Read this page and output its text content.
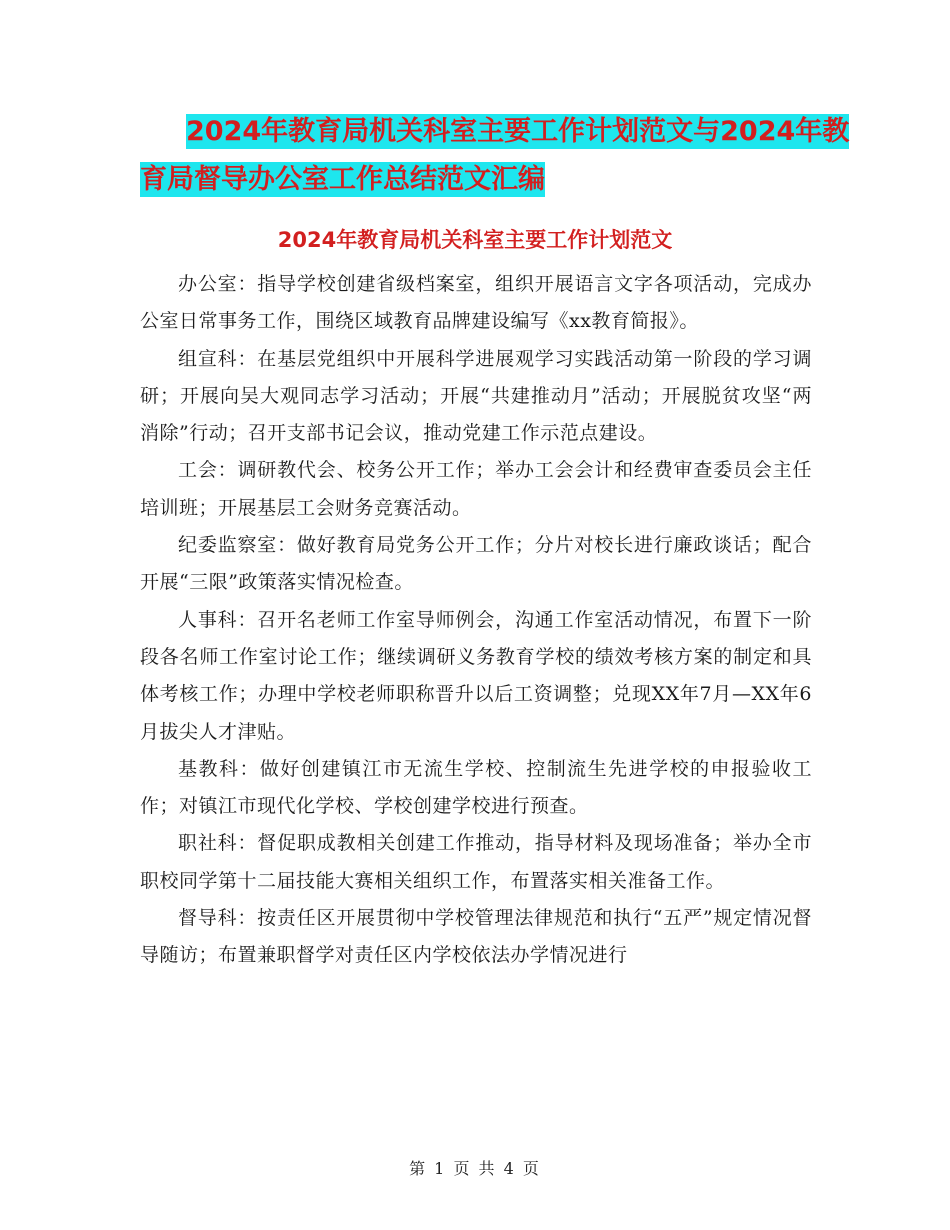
2024年教育局机关科室主要工作计划范文与2024年教
育局督导办公室工作总结范文汇编
2024年教育局机关科室主要工作计划范文

办公室：指导学校创建省级档案室，组织开展语言文字各项活动，完成办公室日常事务工作，围绕区域教育品牌建设编写《xx教育简报》。

组宣科：在基层党组织中开展科学进展观学习实践活动第一阶段的学习调研；开展向吴大观同志学习活动；开展“共建推动月”活动；开展脱贫攻坚“两消除”行动；召开支部书记会议，推动党建工作示范点建设。

工会：调研教代会、校务公开工作；举办工会会计和经费审查委员会主任培训班；开展基层工会财务竞赛活动。

纪委监察室：做好教育局党务公开工作；分片对校长进行廉政谈话；配合开展“三限”政策落实情况检查。

人事科：召开名老师工作室导师例会，沟通工作室活动情况，布置下一阶段各名师工作室讨论工作；继续调研义务教育学校的绩效考核方案的制定和具体考核工作；办理中学校老师职称晋升以后工资调整；兑现XX年7月—XX年6月拔尖人才津贴。

基教科：做好创建镇江市无流生学校、控制流生先进学校的申报验收工作；对镇江市现代化学校、学校创建学校进行预查。

职社科：督促职成教相关创建工作推动，指导材料及现场准备；举办全市职校同学第十二届技能大赛相关组织工作，布置落实相关准备工作。

督导科：按责任区开展贯彻中学校管理法律规范和执行“五严”规定情况督导随访；布置兼职督学对责任区内学校依法办学情况进行

第 1 页 共 4 页
